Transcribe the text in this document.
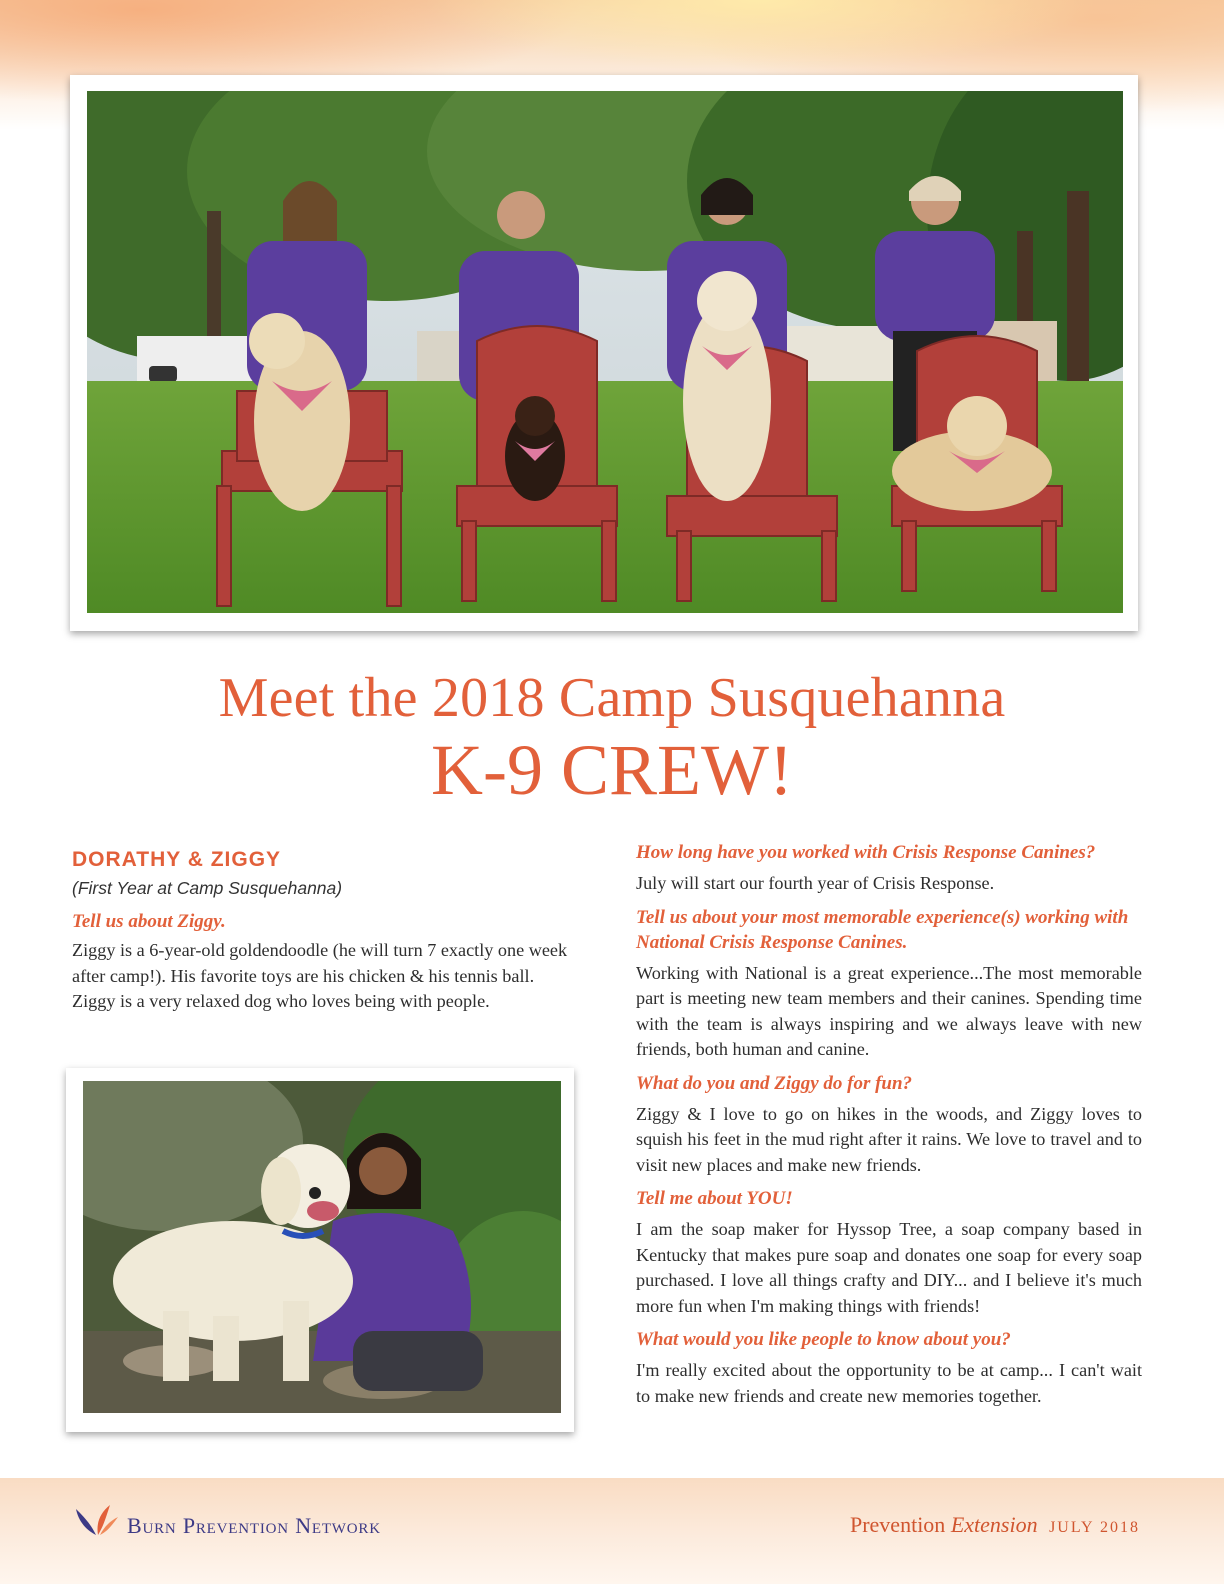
Meet the 2018 Camp Susquehanna
K-9 CREW!
DORATHY & ZIGGY
(First Year at Camp Susquehanna)
Tell us about Ziggy.
Ziggy is a 6-year-old goldendoodle (he will turn 7 exactly one week after camp!). His favorite toys are his chicken & his tennis ball. Ziggy is a very relaxed dog who loves being with people.
How long have you worked with Crisis Response Canines?
July will start our fourth year of Crisis Response.
Tell us about your most memorable experience(s) working with National Crisis Response Canines.
Working with National is a great experience...The most memorable part is meeting new team members and their canines. Spending time with the team is always inspiring and we always leave with new friends, both human and canine.
What do you and Ziggy do for fun?
Ziggy & I love to go on hikes in the woods, and Ziggy loves to squish his feet in the mud right after it rains. We love to travel and to visit new places and make new friends.
Tell me about YOU!
I am the soap maker for Hyssop Tree, a soap company based in Kentucky that makes pure soap and donates one soap for every soap purchased. I love all things crafty and DIY... and I believe it's much more fun when I'm making things with friends!
What would you like people to know about you?
I'm really excited about the opportunity to be at camp... I can't wait to make new friends and create new memories together.
Burn Prevention Network	Prevention Extension JULY 2018
